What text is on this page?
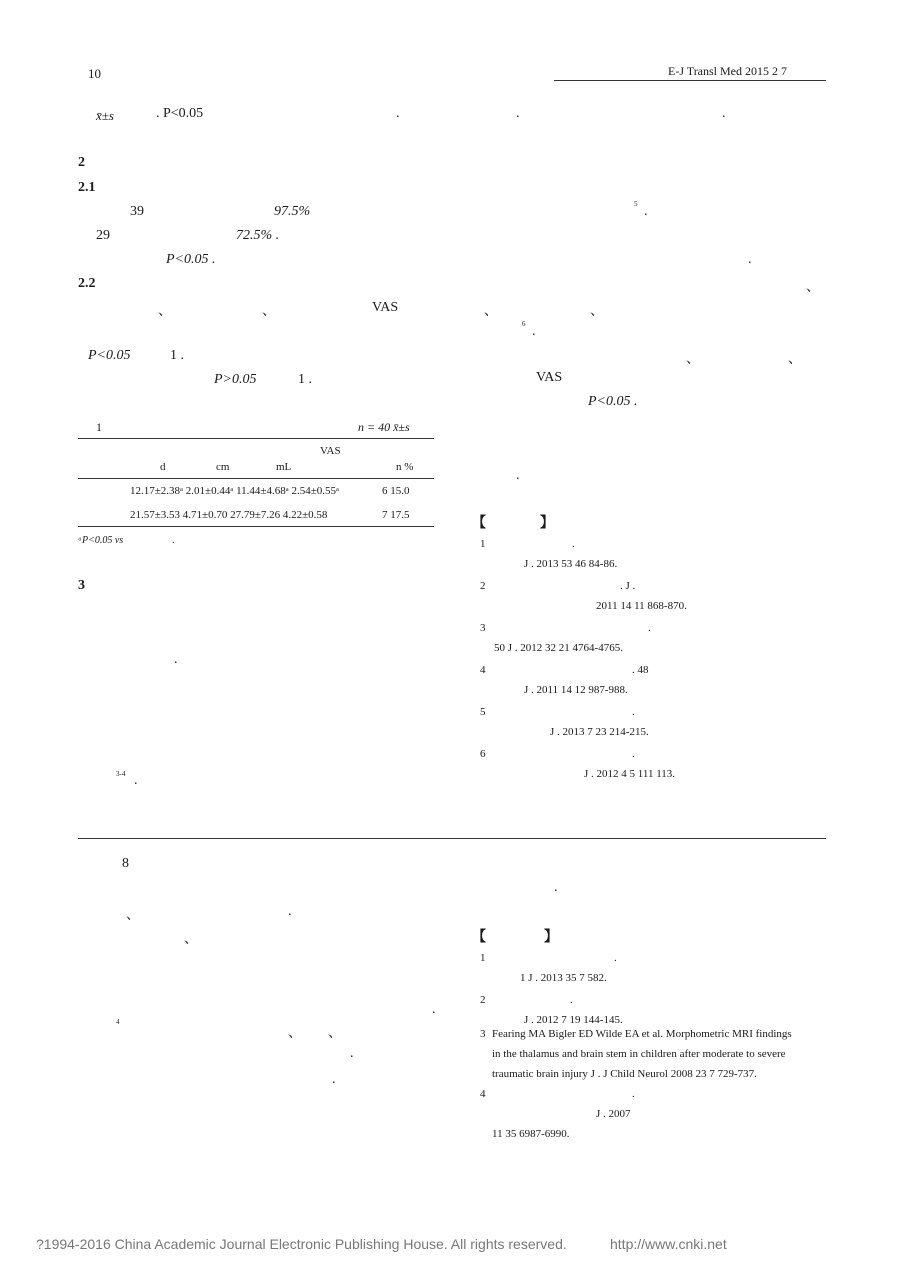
10	E-J Transl Med 2015 2 7
x̄±s	. P<0.05	.
2
2.1
39	97.5%
29	72.5% .
P<0.05 .
2.2
、	、	VAS
P<0.05	1 .
P>0.05	1 .
1	n = 40 x̄±s
VAS
d	cm	mL	n %
12.17±2.38ᵃ 2.01±0.44ᵃ 11.44±4.68ᵃ 2.54±0.55ᵃ	6 15.0
21.57±3.53 4.71±0.70 27.79±7.26 4.22±0.58	7 17.5
ᵃP<0.05 vs	.
3
.
3-4 .
.	.
5 .
.
、
、	、
6 .
、	、
VAS
P<0.05 .
.
【	】
1	.
J . 2013 53 46 84-86.
2	. J .
2011 14 11 868-870.
3	.
50 J . 2012 32 21 4764-4765.
4	. 48
J . 2011 14 12 987-988.
5	.
J . 2013 7 23 214-215.
6	.
J . 2012 4 5 111 113.
8
、	.
、
.
、 、
4
.
.
.
【	】
1	.
1 J . 2013 35 7 582.
2	.
J . 2012 7 19 144-145.
3 Fearing MA Bigler ED Wilde EA et al. Morphometric MRI findings
in the thalamus and brain stem in children after moderate to severe
traumatic brain injury J . J Child Neurol 2008 23 7 729-737.
4	.
J . 2007
11 35 6987-6990.
?1994-2016 China Academic Journal Electronic Publishing House. All rights reserved.	http://www.cnki.net
